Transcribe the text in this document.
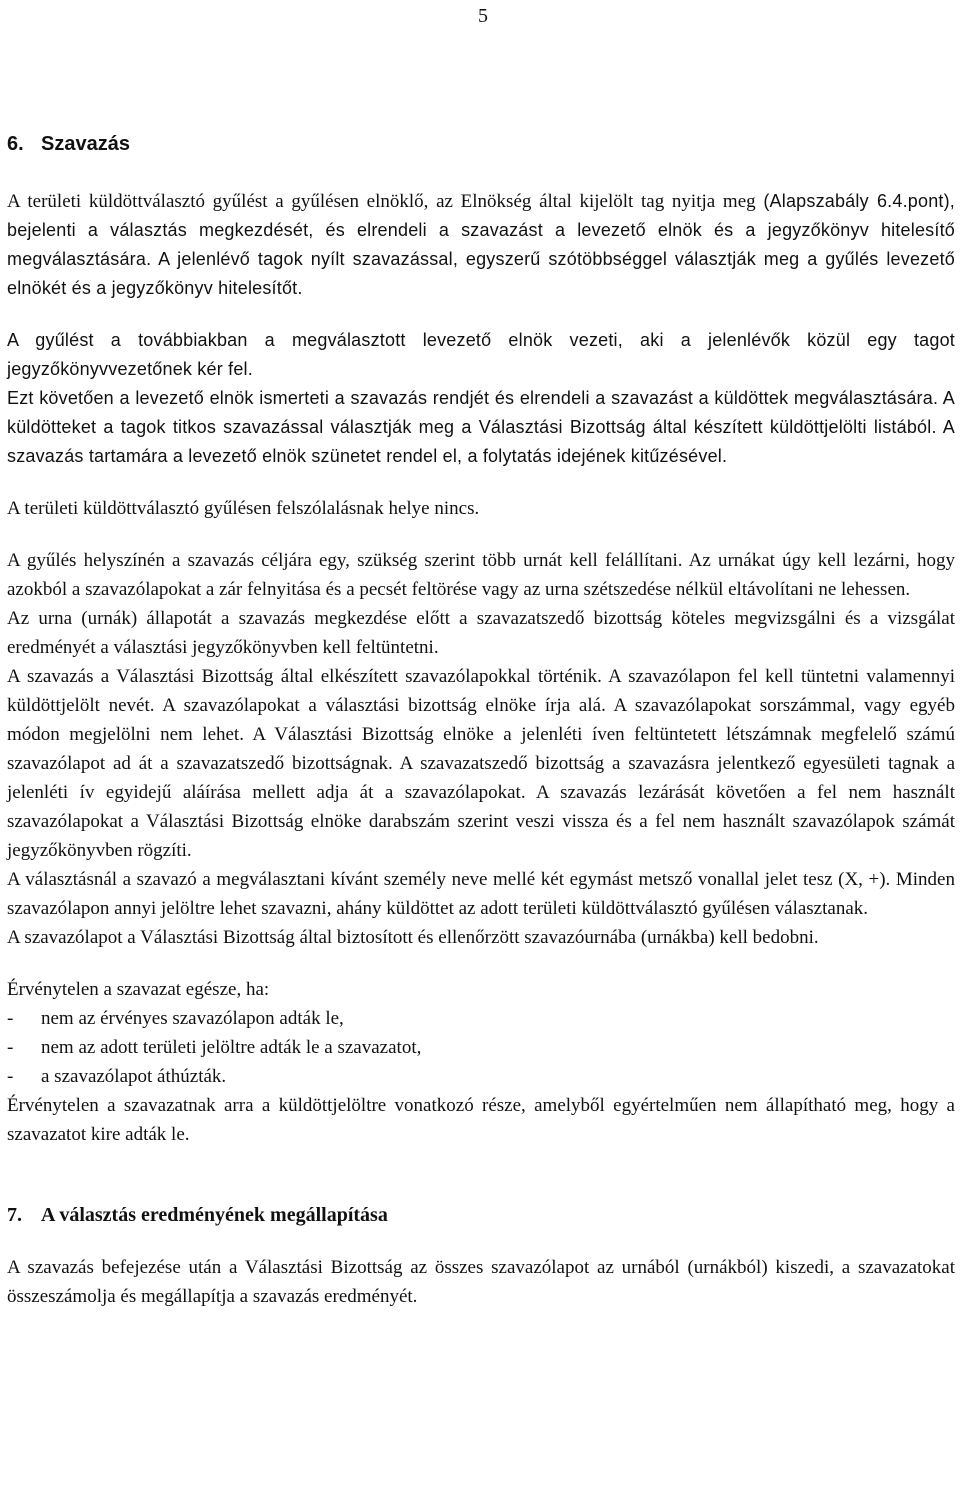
5
6. Szavazás

A területi küldöttválasztó gyűlést a gyűlésen elnöklő, az Elnökség által kijelölt tag nyitja meg (Alapszabály 6.4.pont), bejelenti a választás megkezdését, és elrendeli a szavazást a levezető elnök és a jegyzőkönyv hitelesítő megválasztására. A jelenlévő tagok nyílt szavazással, egyszerű szótöbbséggel választják meg a gyűlés levezető elnökét és a jegyzőkönyv hitelesítőt.

A gyűlést a továbbiakban a megválasztott levezető elnök vezeti, aki a jelenlévők közül egy tagot jegyzőkönyvvezetőnek kér fel.

Ezt követően a levezető elnök ismerteti a szavazás rendjét és elrendeli a szavazást a küldöttek megválasztására. A küldötteket a tagok titkos szavazással választják meg a Választási Bizottság által készített küldöttjelölti listából. A szavazás tartamára a levezető elnök szünetet rendel el, a folytatás idejének kitűzésével.

A területi küldöttválasztó gyűlésen felszólalásnak helye nincs.

A gyűlés helyszínén a szavazás céljára egy, szükség szerint több urnát kell felállítani. Az urnákat úgy kell lezárni, hogy azokból a szavazólapokat a zár felnyitása és a pecsét feltörése vagy az urna szétszedése nélkül eltávolítani ne lehessen.

Az urna (urnák) állapotát a szavazás megkezdése előtt a szavazatszedő bizottság köteles megvizsgálni és a vizsgálat eredményét a választási jegyzőkönyvben kell feltüntetni.

A szavazás a Választási Bizottság által elkészített szavazólapokkal történik. A szavazólapon fel kell tüntetni valamennyi küldöttjelölt nevét. A szavazólapokat a választási bizottság elnöke írja alá. A szavazólapokat sorszámmal, vagy egyéb módon megjelölni nem lehet. A Választási Bizottság elnöke a jelenléti íven feltüntetett létszámnak megfelelő számú szavazólapot ad át a szavazatszedő bizottságnak. A szavazatszedő bizottság a szavazásra jelentkező egyesületi tagnak a jelenléti ív egyidejű aláírása mellett adja át a szavazólapokat. A szavazás lezárását követően a fel nem használt szavazólapokat a Választási Bizottság elnöke darabszám szerint veszi vissza és a fel nem használt szavazólapok számát jegyzőkönyvben rögzíti.

A választásnál a szavazó a megválasztani kívánt személy neve mellé két egymást metsző vonallal jelet tesz (X, +). Minden szavazólapon annyi jelöltre lehet szavazni, ahány küldöttet az adott területi küldöttválasztó gyűlésen választanak.

A szavazólapot a Választási Bizottság által biztosított és ellenőrzött szavazóurnába (urnákba) kell bedobni.

Érvénytelen a szavazat egésze, ha:

- nem az érvényes szavazólapon adták le,
- nem az adott területi jelöltre adták le a szavazatot,
- a szavazólapot áthúzták.

Érvénytelen a szavazatnak arra a küldöttjelöltre vonatkozó része, amelyből egyértelműen nem állapítható meg, hogy a szavazatot kire adták le.

7. A választás eredményének megállapítása

A szavazás befejezése után a Választási Bizottság az összes szavazólapot az urnából (urnákból) kiszedi, a szavazatokat összeszámolja és megállapítja a szavazás eredményét.
